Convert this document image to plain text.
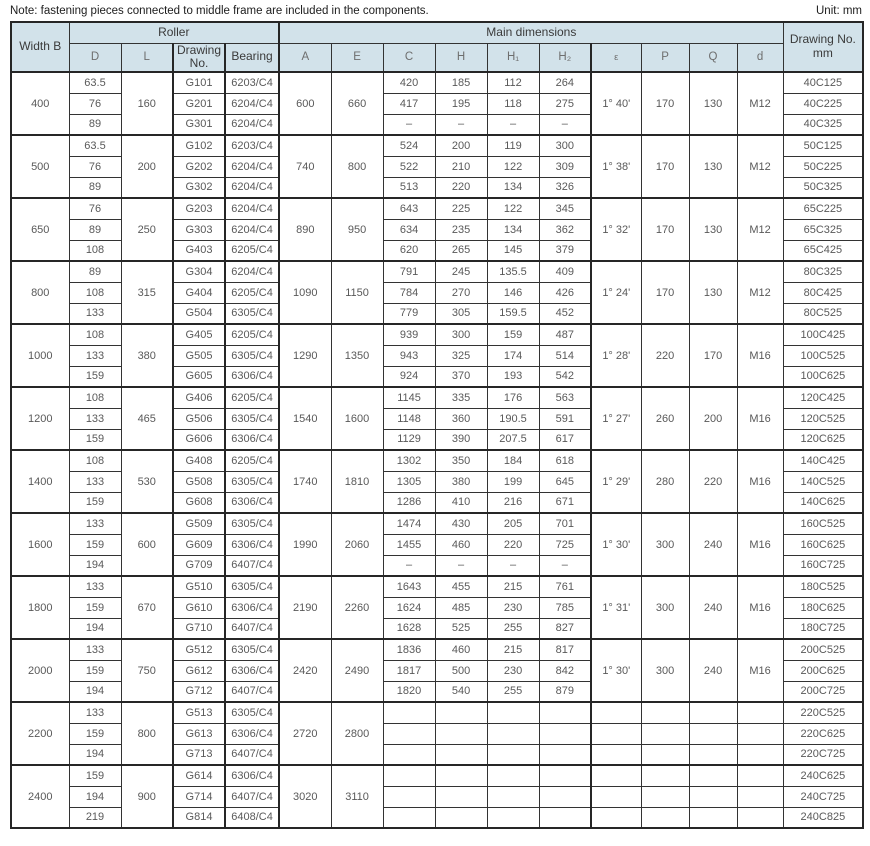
Note: fastening pieces connected to middle frame are included in the components.	Unit: mm
Width B	Roller				Main dimensions										Drawing No. mm
	D	L	Drawing No.	Bearing	A	E	C	H	H₁	H₂	ε	P	Q	d	
400	63.5	160	G101	6203/C4	600	660	420	185	112	264	1° 40'	170	130	M12	40C125
	76		G201	6204/C4			417	195	118	275					40C225
	89		G301	6204/C4			–	–	–	–					40C325
500	63.5	200	G102	6203/C4	740	800	524	200	119	300	1° 38'	170	130	M12	50C125
	76		G202	6204/C4			522	210	122	309					50C225
	89		G302	6204/C4			513	220	134	326					50C325
650	76	250	G203	6204/C4	890	950	643	225	122	345	1° 32'	170	130	M12	65C225
	89		G303	6204/C4			634	235	134	362					65C325
	108		G403	6205/C4			620	265	145	379					65C425
800	89	315	G304	6204/C4	1090	1150	791	245	135.5	409	1° 24'	170	130	M12	80C325
	108		G404	6205/C4			784	270	146	426					80C425
	133		G504	6305/C4			779	305	159.5	452					80C525
1000	108	380	G405	6205/C4	1290	1350	939	300	159	487	1° 28'	220	170	M16	100C425
	133		G505	6305/C4			943	325	174	514					100C525
	159		G605	6306/C4			924	370	193	542					100C625
1200	108	465	G406	6205/C4	1540	1600	1145	335	176	563	1° 27'	260	200	M16	120C425
	133		G506	6305/C4			1148	360	190.5	591					120C525
	159		G606	6306/C4			1129	390	207.5	617					120C625
1400	108	530	G408	6205/C4	1740	1810	1302	350	184	618	1° 29'	280	220	M16	140C425
	133		G508	6305/C4			1305	380	199	645					140C525
	159		G608	6306/C4			1286	410	216	671					140C625
1600	133	600	G509	6305/C4	1990	2060	1474	430	205	701	1° 30'	300	240	M16	160C525
	159		G609	6306/C4			1455	460	220	725					160C625
	194		G709	6407/C4			–	–	–	–					160C725
1800	133	670	G510	6305/C4	2190	2260	1643	455	215	761	1° 31'	300	240	M16	180C525
	159		G610	6306/C4			1624	485	230	785					180C625
	194		G710	6407/C4			1628	525	255	827					180C725
2000	133	750	G512	6305/C4	2420	2490	1836	460	215	817	1° 30'	300	240	M16	200C525
	159		G612	6306/C4			1817	500	230	842					200C625
	194		G712	6407/C4			1820	540	255	879					200C725
2200	133	800	G513	6305/C4	2720	2800									220C525
	159		G613	6306/C4											220C625
	194		G713	6407/C4											220C725
2400	159	900	G614	6306/C4	3020	3110									240C625
	194		G714	6407/C4											240C725
	219		G814	6408/C4											240C825
